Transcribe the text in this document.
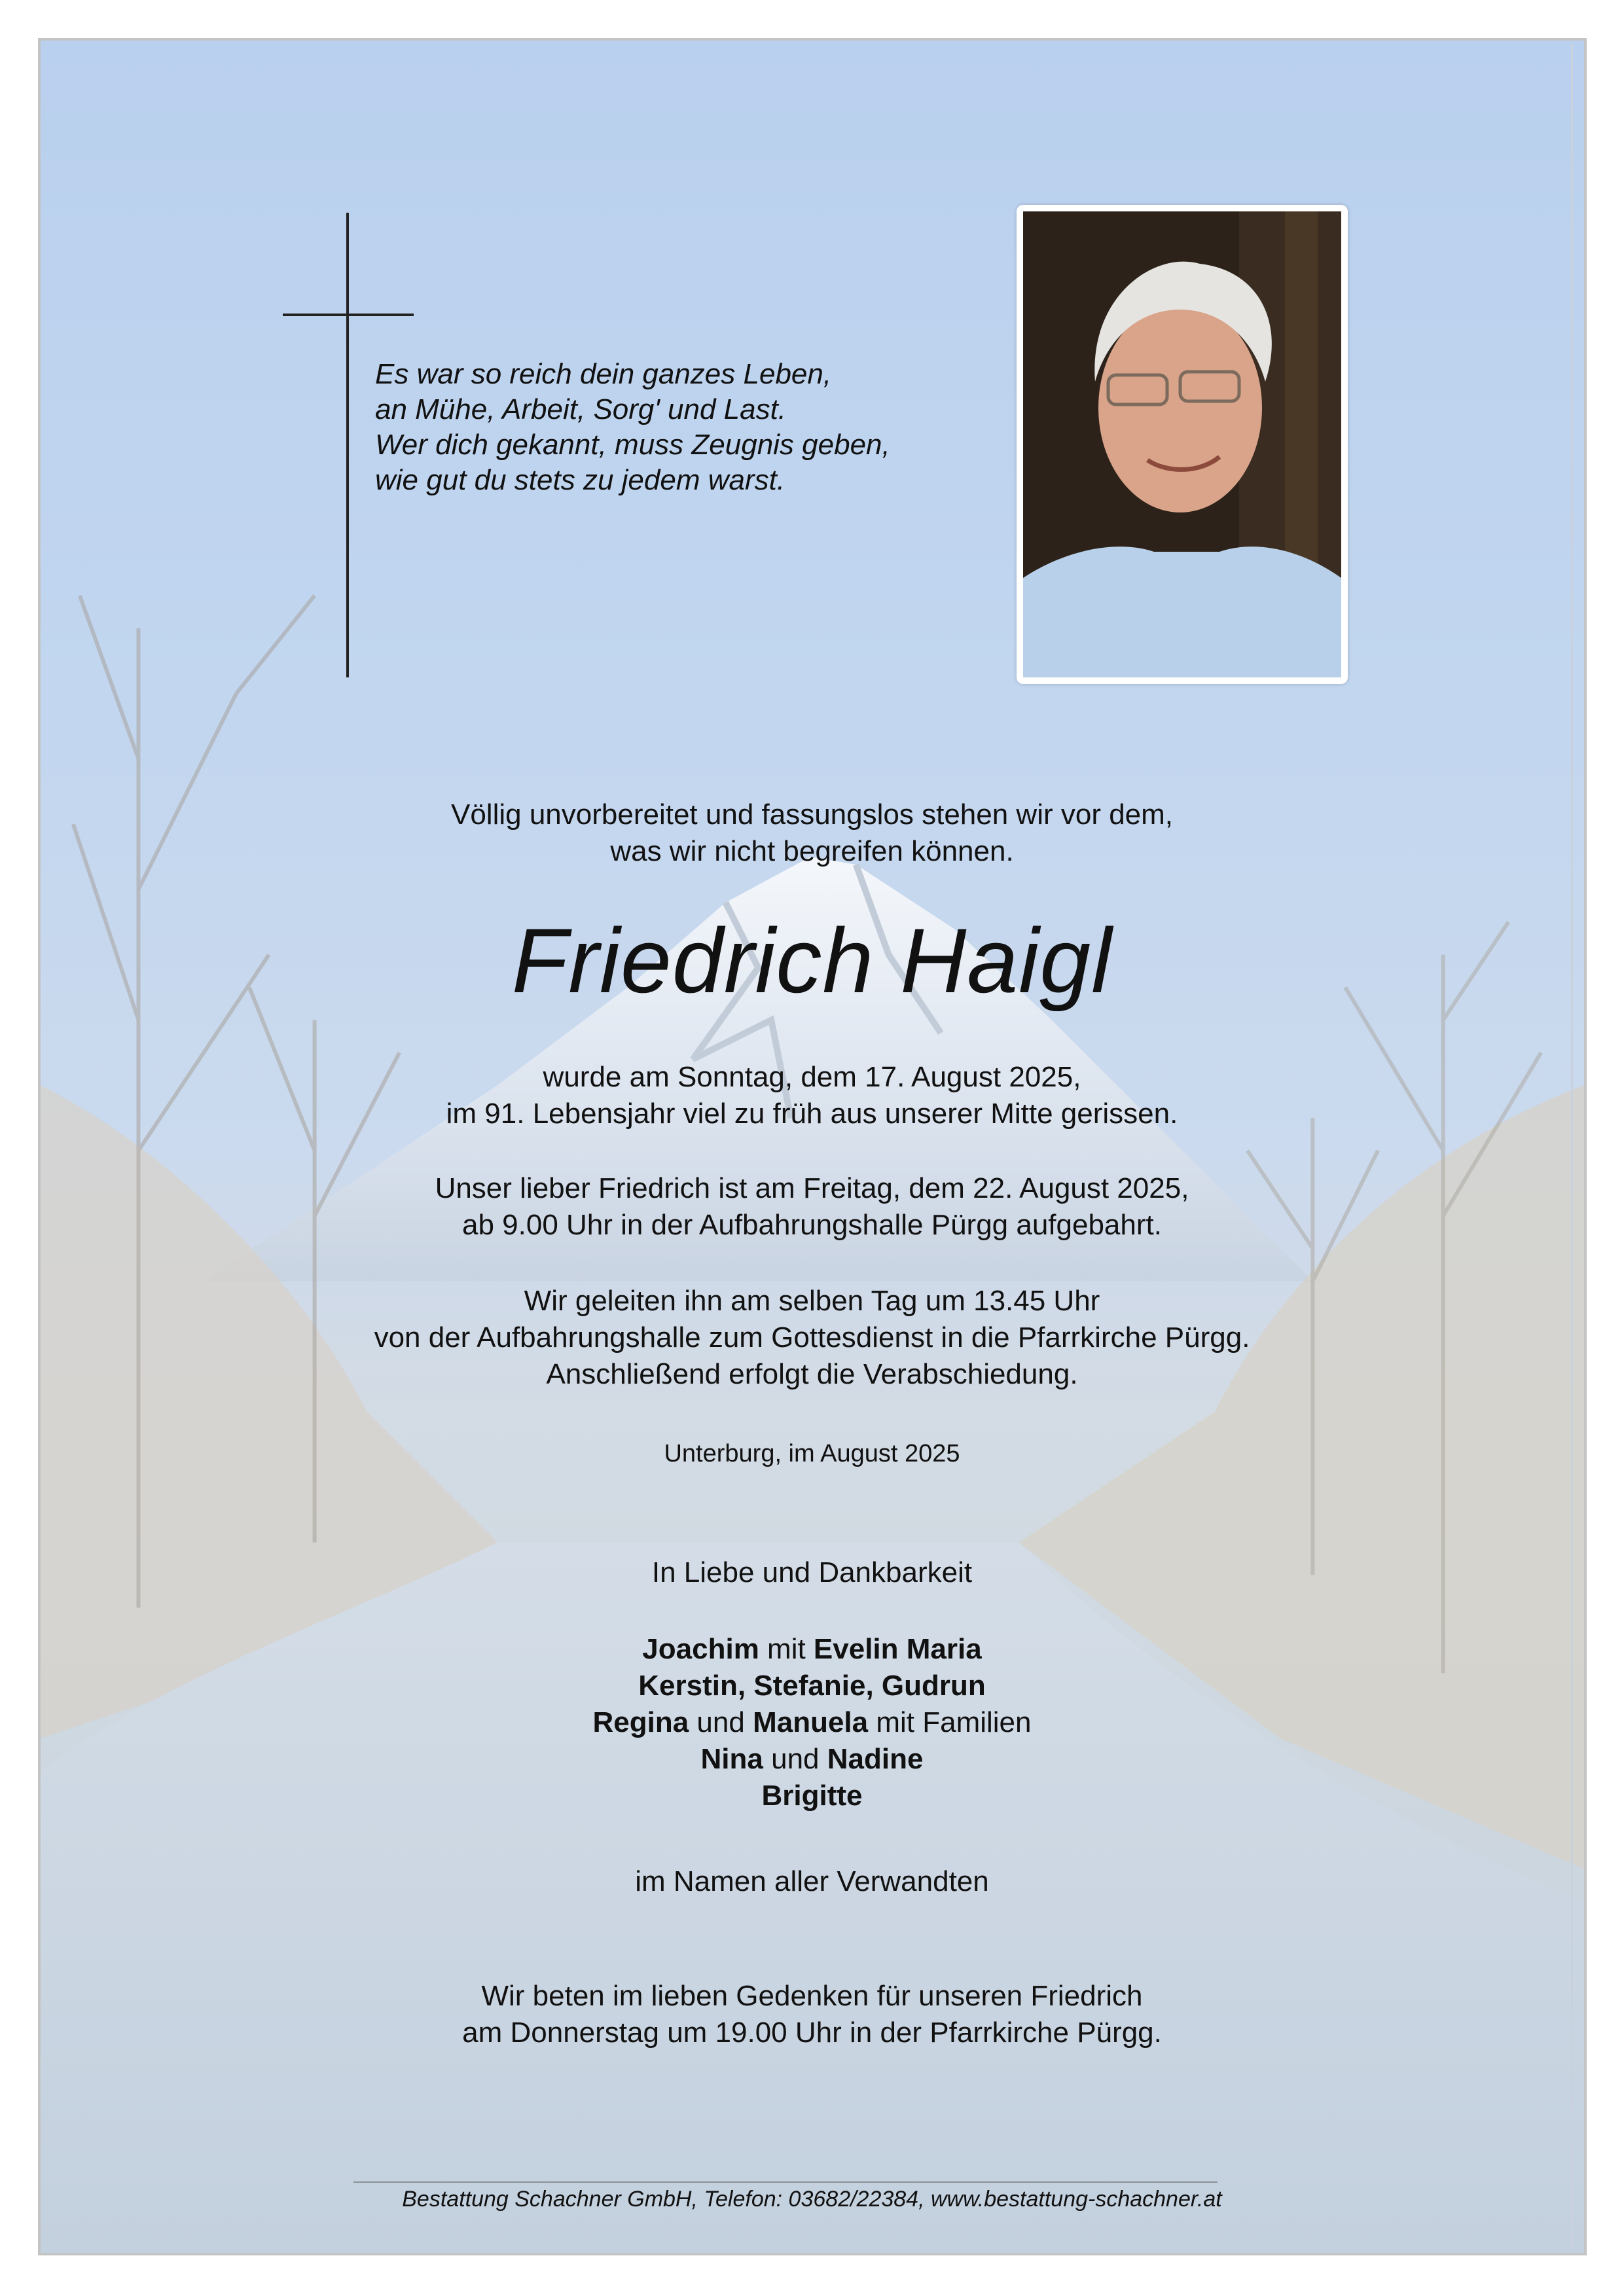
Es war so reich dein ganzes Leben,
an Mühe, Arbeit, Sorg' und Last.
Wer dich gekannt, muss Zeugnis geben,
wie gut du stets zu jedem warst.
Völlig unvorbereitet und fassungslos stehen wir vor dem,
was wir nicht begreifen können.
Friedrich Haigl
wurde am Sonntag, dem 17. August 2025,
im 91. Lebensjahr viel zu früh aus unserer Mitte gerissen.
Unser lieber Friedrich ist am Freitag, dem 22. August 2025,
ab 9.00 Uhr in der Aufbahrungshalle Pürgg aufgebahrt.
Wir geleiten ihn am selben Tag um 13.45 Uhr
von der Aufbahrungshalle zum Gottesdienst in die Pfarrkirche Pürgg.
Anschließend erfolgt die Verabschiedung.
Unterburg, im August 2025
In Liebe und Dankbarkeit
Joachim mit Evelin Maria
Kerstin, Stefanie, Gudrun
Regina und Manuela mit Familien
Nina und Nadine
Brigitte
im Namen aller Verwandten
Wir beten im lieben Gedenken für unseren Friedrich
am Donnerstag um 19.00 Uhr in der Pfarrkirche Pürgg.
Bestattung Schachner GmbH, Telefon: 03682/22384, www.bestattung-schachner.at
